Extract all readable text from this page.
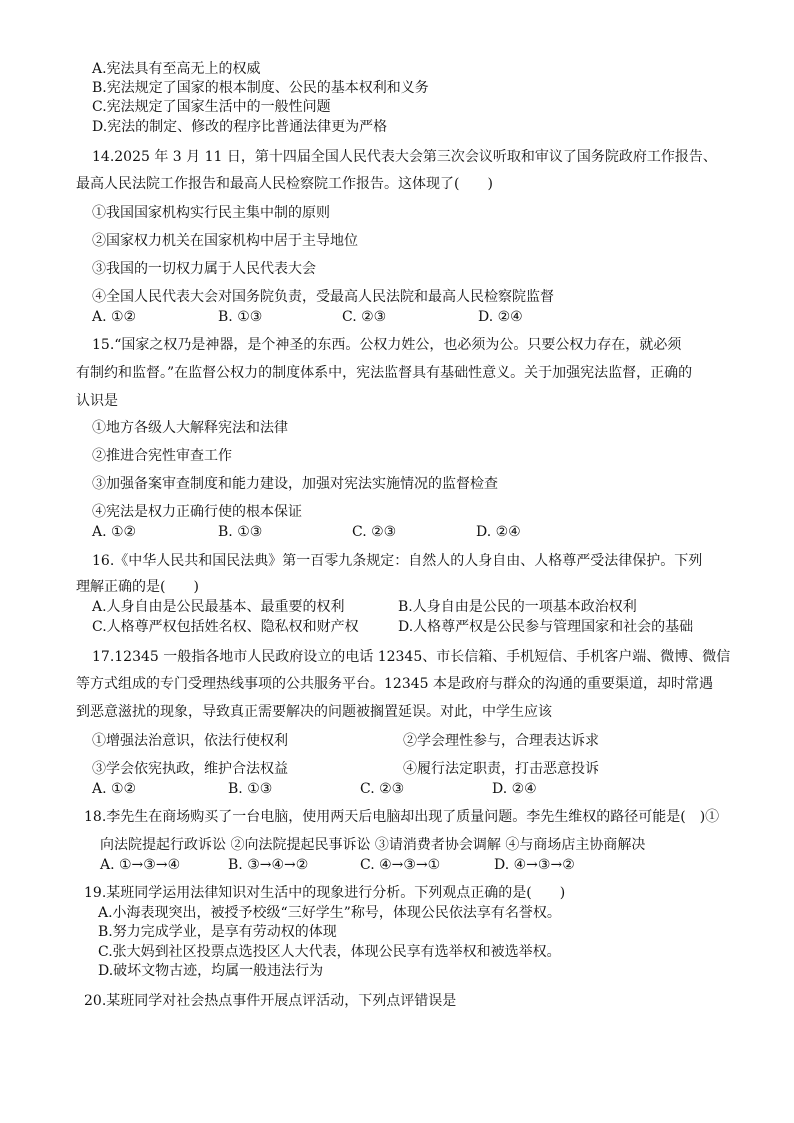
A.宪法具有至高无上的权威
B.宪法规定了国家的根本制度、公民的基本权利和义务
C.宪法规定了国家生活中的一般性问题
D.宪法的制定、修改的程序比普通法律更为严格
14.2025 年 3 月 11 日，第十四届全国人民代表大会第三次会议听取和审议了国务院政府工作报告、
最高人民法院工作报告和最高人民检察院工作报告。这体现了(　　)
①我国国家机构实行民主集中制的原则
②国家权力机关在国家机构中居于主导地位
③我国的一切权力属于人民代表大会
④全国人民代表大会对国务院负责，受最高人民法院和最高人民检察院监督
A. ①②	B. ①③	C. ②③	D. ②④
15.“国家之权乃是神器，是个神圣的东西。公权力姓公，也必须为公。只要公权力存在，就必须
有制约和监督。”在监督公权力的制度体系中，宪法监督具有基础性意义。关于加强宪法监督，正确的
认识是
①地方各级人大解释宪法和法律
②推进合宪性审查工作
③加强备案审查制度和能力建设，加强对宪法实施情况的监督检查
④宪法是权力正确行使的根本保证
A. ①②	B. ①③	C. ②③	D. ②④
16.《中华人民共和国民法典》第一百零九条规定：自然人的人身自由、人格尊严受法律保护。下列
理解正确的是(　　)
A.人身自由是公民最基本、最重要的权利	B.人身自由是公民的一项基本政治权利
C.人格尊严权包括姓名权、隐私权和财产权	D.人格尊严权是公民参与管理国家和社会的基础
17.12345 一般指各地市人民政府设立的电话 12345、市长信箱、手机短信、手机客户端、微博、微信
等方式组成的专门受理热线事项的公共服务平台。12345 本是政府与群众的沟通的重要渠道，却时常遇
到恶意滋扰的现象，导致真正需要解决的问题被搁置延误。对此，中学生应该
①增强法治意识，依法行使权利	②学会理性参与，合理表达诉求
③学会依宪执政，维护合法权益	④履行法定职责，打击恶意投诉
A. ①②	B. ①③	C. ②③	D. ②④
18.李先生在商场购买了一台电脑，使用两天后电脑却出现了质量问题。李先生维权的路径可能是(　)①
向法院提起行政诉讼 ②向法院提起民事诉讼 ③请消费者协会调解 ④与商场店主协商解决
A. ①→③→④	B. ③→④→②	C. ④→③→①	D. ④→③→②
19.某班同学运用法律知识对生活中的现象进行分析。下列观点正确的是(　　)
A.小海表现突出，被授予校级“三好学生”称号，体现公民依法享有名誉权。
B.努力完成学业，是享有劳动权的体现
C.张大妈到社区投票点选投区人大代表，体现公民享有选举权和被选举权。
D.破坏文物古迹，均属一般违法行为
20.某班同学对社会热点事件开展点评活动，下列点评错误是
